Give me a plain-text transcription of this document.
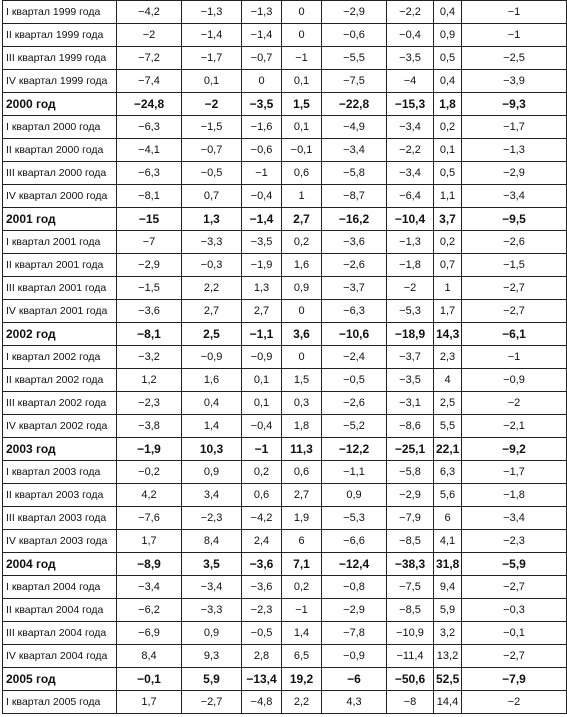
I квартал 1999 года	−4,2	−1,3	−1,3	0	−2,9	−2,2	0,4	−1
II квартал 1999 года	−2	−1,4	−1,4	0	−0,6	−0,4	0,9	−1
III квартал 1999 года	−7,2	−1,7	−0,7	−1	−5,5	−3,5	0,5	−2,5
IV квартал 1999 года	−7,4	0,1	0	0,1	−7,5	−4	0,4	−3,9
2000 год	−24,8	−2	−3,5	1,5	−22,8	−15,3	1,8	−9,3
I квартал 2000 года	−6,3	−1,5	−1,6	0,1	−4,9	−3,4	0,2	−1,7
II квартал 2000 года	−4,1	−0,7	−0,6	−0,1	−3,4	−2,2	0,1	−1,3
III квартал 2000 года	−6,3	−0,5	−1	0,6	−5,8	−3,4	0,5	−2,9
IV квартал 2000 года	−8,1	0,7	−0,4	1	−8,7	−6,4	1,1	−3,4
2001 год	−15	1,3	−1,4	2,7	−16,2	−10,4	3,7	−9,5
I квартал 2001 года	−7	−3,3	−3,5	0,2	−3,6	−1,3	0,2	−2,6
II квартал 2001 года	−2,9	−0,3	−1,9	1,6	−2,6	−1,8	0,7	−1,5
III квартал 2001 года	−1,5	2,2	1,3	0,9	−3,7	−2	1	−2,7
IV квартал 2001 года	−3,6	2,7	2,7	0	−6,3	−5,3	1,7	−2,7
2002 год	−8,1	2,5	−1,1	3,6	−10,6	−18,9	14,3	−6,1
I квартал 2002 года	−3,2	−0,9	−0,9	0	−2,4	−3,7	2,3	−1
II квартал 2002 года	1,2	1,6	0,1	1,5	−0,5	−3,5	4	−0,9
III квартал 2002 года	−2,3	0,4	0,1	0,3	−2,6	−3,1	2,5	−2
IV квартал 2002 года	−3,8	1,4	−0,4	1,8	−5,2	−8,6	5,5	−2,1
2003 год	−1,9	10,3	−1	11,3	−12,2	−25,1	22,1	−9,2
I квартал 2003 года	−0,2	0,9	0,2	0,6	−1,1	−5,8	6,3	−1,7
II квартал 2003 года	4,2	3,4	0,6	2,7	0,9	−2,9	5,6	−1,8
III квартал 2003 года	−7,6	−2,3	−4,2	1,9	−5,3	−7,9	6	−3,4
IV квартал 2003 года	1,7	8,4	2,4	6	−6,6	−8,5	4,1	−2,3
2004 год	−8,9	3,5	−3,6	7,1	−12,4	−38,3	31,8	−5,9
I квартал 2004 года	−3,4	−3,4	−3,6	0,2	−0,8	−7,5	9,4	−2,7
II квартал 2004 года	−6,2	−3,3	−2,3	−1	−2,9	−8,5	5,9	−0,3
III квартал 2004 года	−6,9	0,9	−0,5	1,4	−7,8	−10,9	3,2	−0,1
IV квартал 2004 года	8,4	9,3	2,8	6,5	−0,9	−11,4	13,2	−2,7
2005 год	−0,1	5,9	−13,4	19,2	−6	−50,6	52,5	−7,9
I квартал 2005 года	1,7	−2,7	−4,8	2,2	4,3	−8	14,4	−2
